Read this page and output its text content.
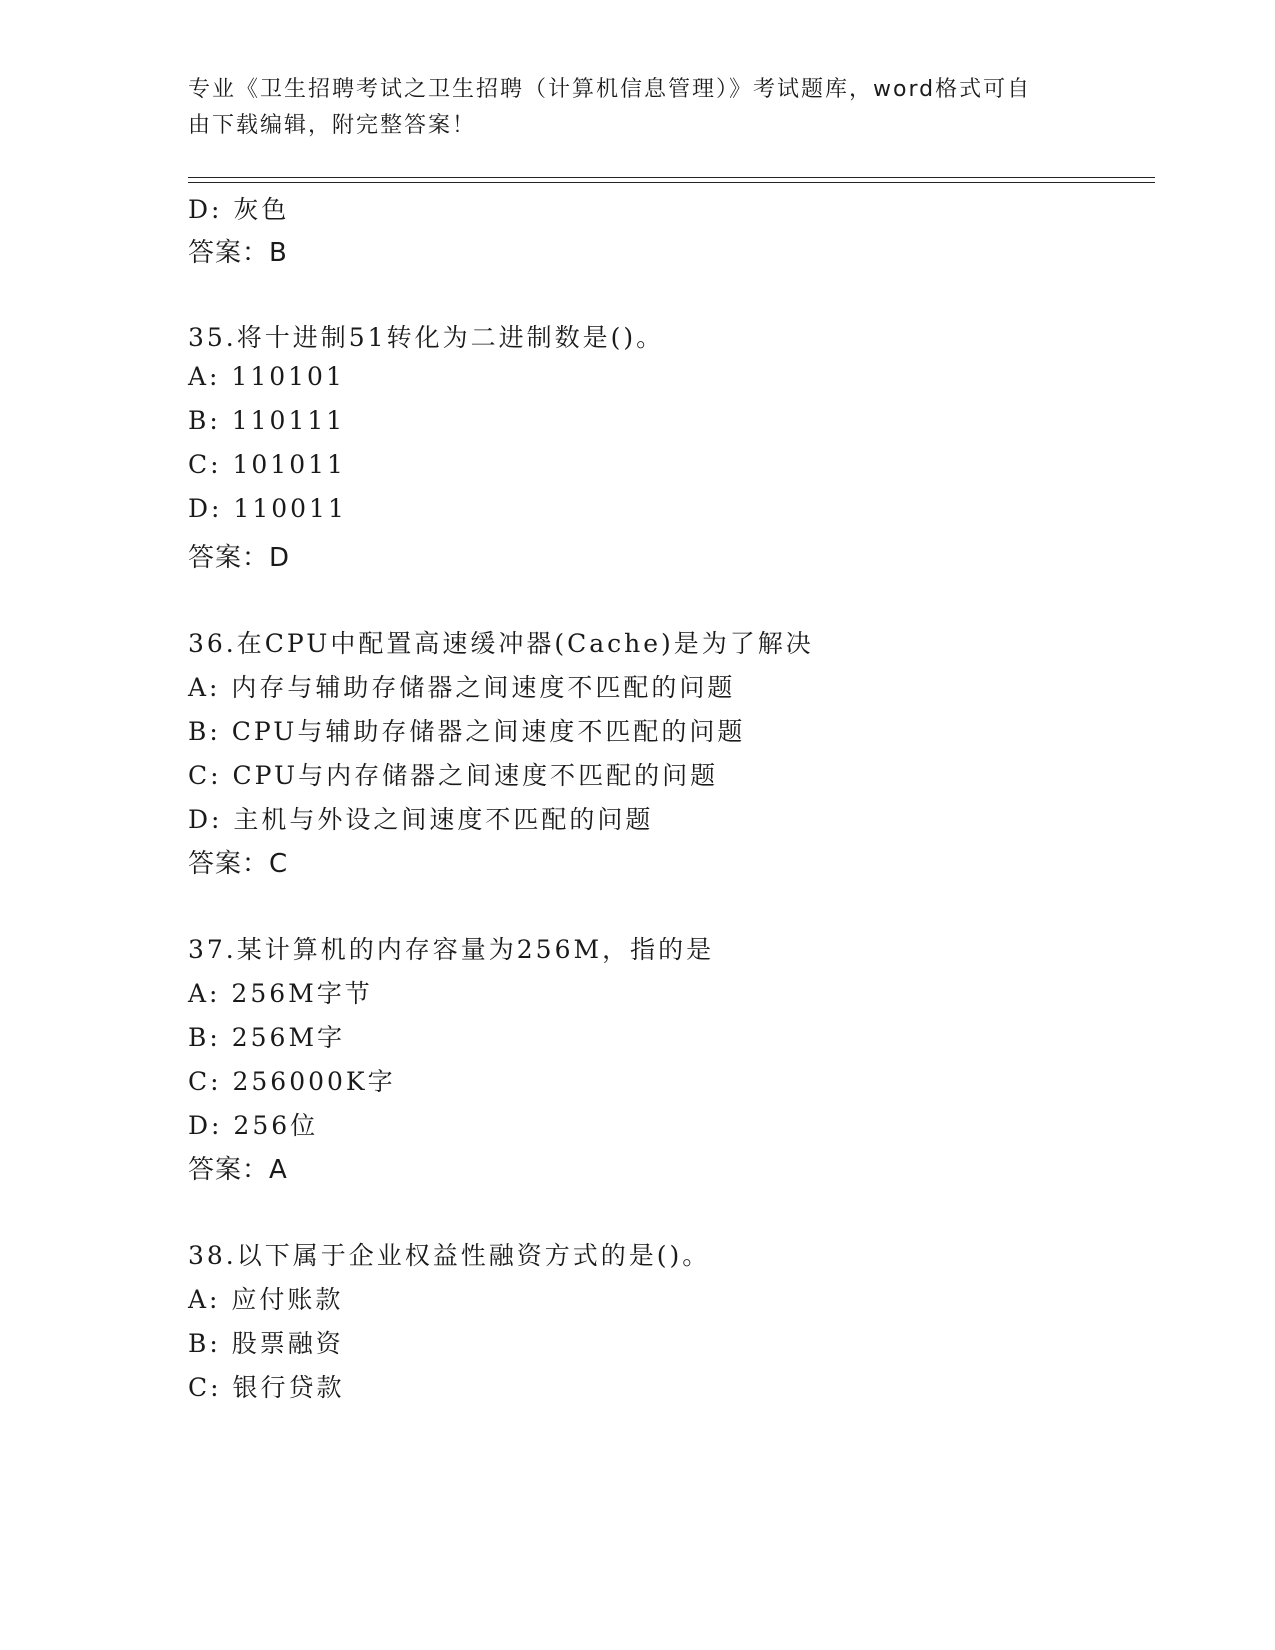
专业《卫生招聘考试之卫生招聘（计算机信息管理）》考试题库，word格式可自
由下载编辑，附完整答案！
D: 灰色
答案：B
35.将十进制51转化为二进制数是()。
A: 110101
B: 110111
C: 101011
D: 110011
答案：D
36.在CPU中配置高速缓冲器(Cache)是为了解决
A: 内存与辅助存储器之间速度不匹配的问题
B: CPU与辅助存储器之间速度不匹配的问题
C: CPU与内存储器之间速度不匹配的问题
D: 主机与外设之间速度不匹配的问题
答案：C
37.某计算机的内存容量为256M，指的是
A: 256M字节
B: 256M字
C: 256000K字
D: 256位
答案：A
38.以下属于企业权益性融资方式的是()。
A: 应付账款
B: 股票融资
C: 银行贷款
